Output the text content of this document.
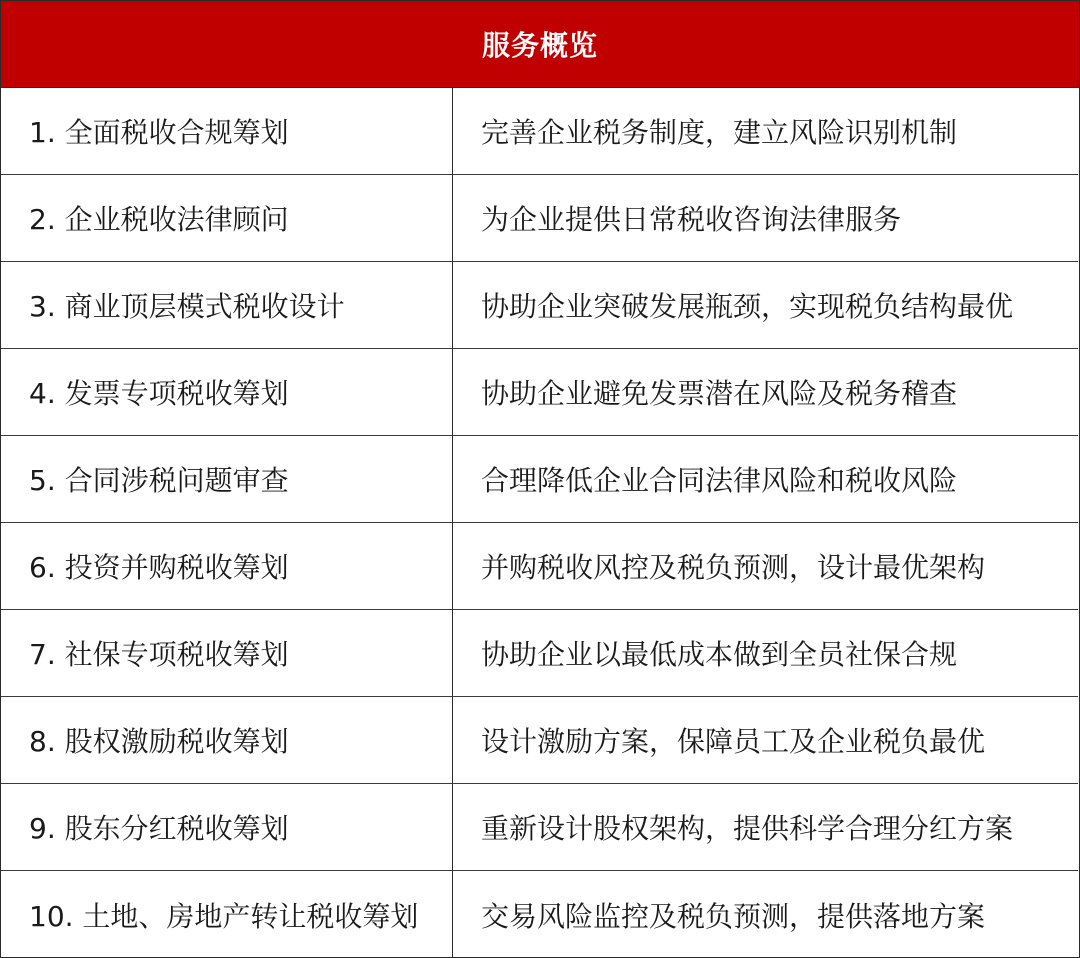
服务概览
1. 全面税收合规筹划	完善企业税务制度，建立风险识别机制
2. 企业税收法律顾问	为企业提供日常税收咨询法律服务
3. 商业顶层模式税收设计	协助企业突破发展瓶颈，实现税负结构最优
4. 发票专项税收筹划	协助企业避免发票潜在风险及税务稽查
5. 合同涉税问题审查	合理降低企业合同法律风险和税收风险
6. 投资并购税收筹划	并购税收风控及税负预测，设计最优架构
7. 社保专项税收筹划	协助企业以最低成本做到全员社保合规
8. 股权激励税收筹划	设计激励方案，保障员工及企业税负最优
9. 股东分红税收筹划	重新设计股权架构，提供科学合理分红方案
10. 土地、房地产转让税收筹划	交易风险监控及税负预测，提供落地方案
